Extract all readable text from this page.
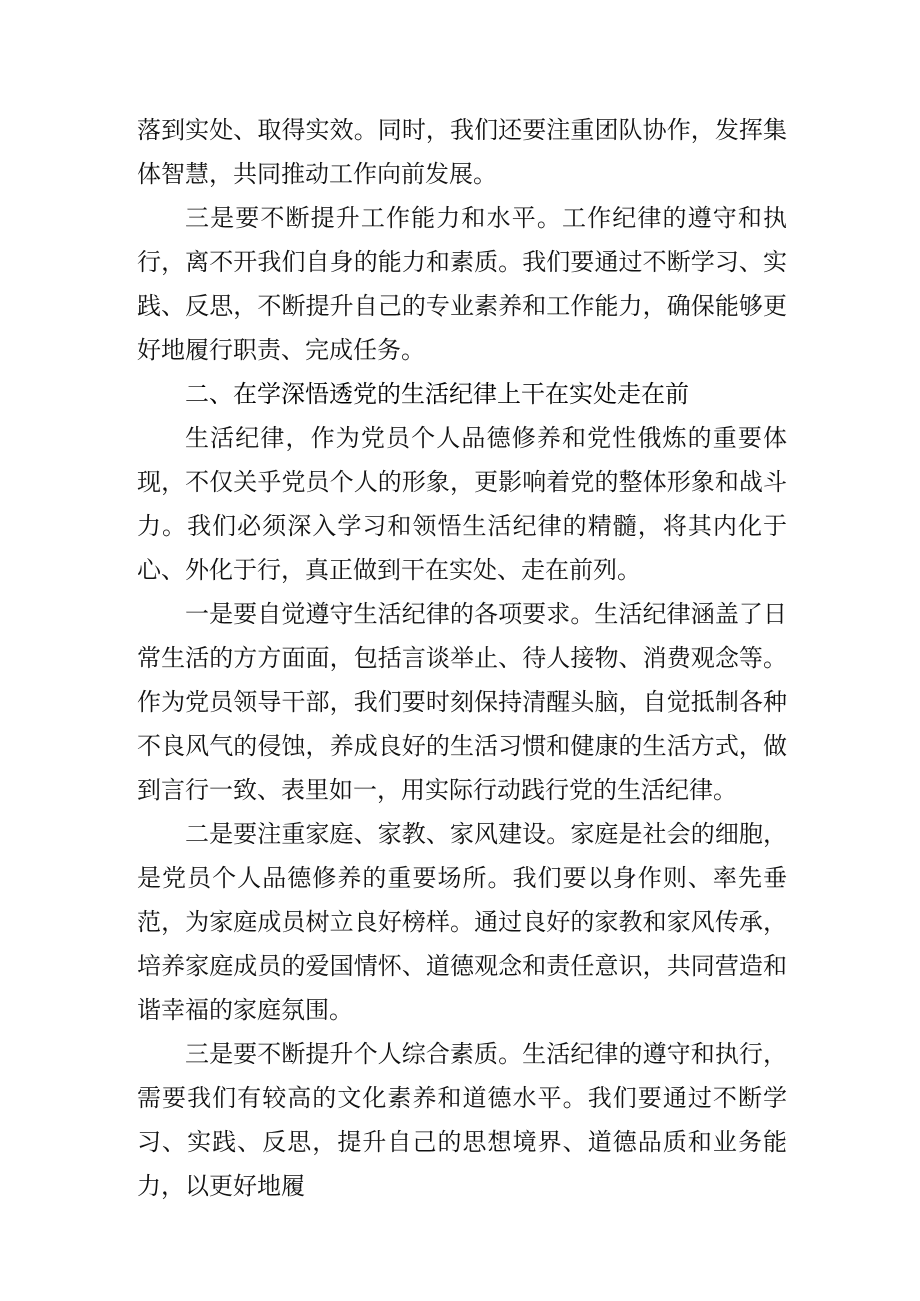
落到实处、取得实效。同时，我们还要注重团队协作，发挥集体智慧，共同推动工作向前发展。

三是要不断提升工作能力和水平。工作纪律的遵守和执行，离不开我们自身的能力和素质。我们要通过不断学习、实践、反思，不断提升自己的专业素养和工作能力，确保能够更好地履行职责、完成任务。

二、在学深悟透党的生活纪律上干在实处走在前

生活纪律，作为党员个人品德修养和党性俄炼的重要体现，不仅关乎党员个人的形象，更影响着党的整体形象和战斗力。我们必须深入学习和领悟生活纪律的精髓，将其内化于心、外化于行，真正做到干在实处、走在前列。

一是要自觉遵守生活纪律的各项要求。生活纪律涵盖了日常生活的方方面面，包括言谈举止、待人接物、消费观念等。作为党员领导干部，我们要时刻保持清醒头脑，自觉抵制各种不良风气的侵蚀，养成良好的生活习惯和健康的生活方式，做到言行一致、表里如一，用实际行动践行党的生活纪律。

二是要注重家庭、家教、家风建设。家庭是社会的细胞，是党员个人品德修养的重要场所。我们要以身作则、率先垂范，为家庭成员树立良好榜样。通过良好的家教和家风传承，培养家庭成员的爱国情怀、道德观念和责任意识，共同营造和谐幸福的家庭氛围。

三是要不断提升个人综合素质。生活纪律的遵守和执行，需要我们有较高的文化素养和道德水平。我们要通过不断学习、实践、反思，提升自己的思想境界、道德品质和业务能力，以更好地履
